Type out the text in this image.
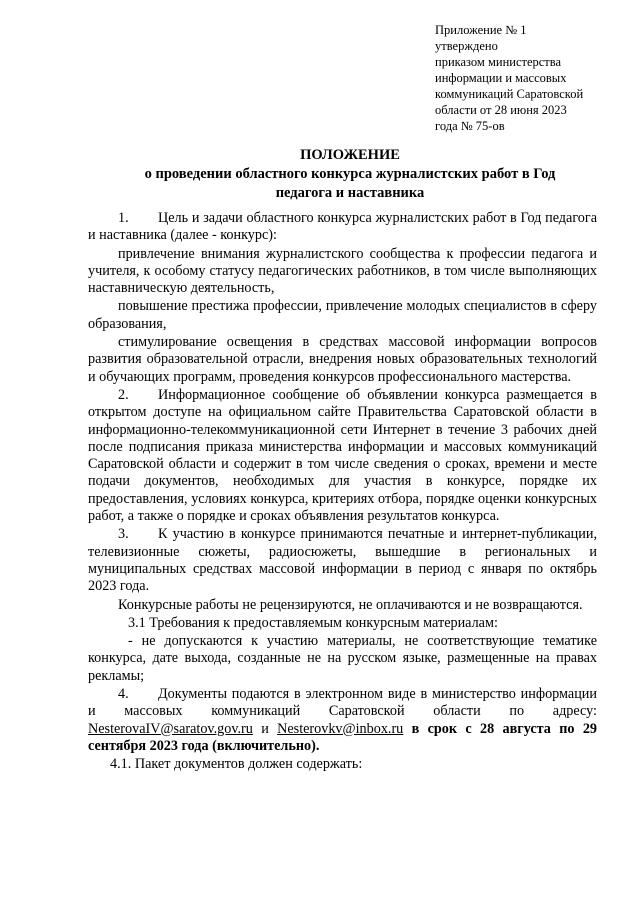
Приложение № 1
утверждено
приказом министерства
информации и массовых
коммуникаций Саратовской
области от 28 июня 2023
года № 75-ов
ПОЛОЖЕНИЕ
о проведении областного конкурса журналистских работ в Год
педагога и наставника

1. Цель и задачи областного конкурса журналистских работ в Год педагога и наставника (далее - конкурс):

привлечение внимания журналистского сообщества к профессии педагога и учителя, к особому статусу педагогических работников, в том числе выполняющих наставническую деятельность,

повышение престижа профессии, привлечение молодых специалистов в сферу образования,

стимулирование освещения в средствах массовой информации вопросов развития образовательной отрасли, внедрения новых образовательных технологий и обучающих программ, проведения конкурсов профессионального мастерства.

2. Информационное сообщение об объявлении конкурса размещается в открытом доступе на официальном сайте Правительства Саратовской области в информационно-телекоммуникационной сети Интернет в течение 3 рабочих дней после подписания приказа министерства информации и массовых коммуникаций Саратовской области и содержит в том числе сведения о сроках, времени и месте подачи документов, необходимых для участия в конкурсе, порядке их предоставления, условиях конкурса, критериях отбора, порядке оценки конкурсных работ, а также о порядке и сроках объявления результатов конкурса.

3. К участию в конкурсе принимаются печатные и интернет-публикации, телевизионные сюжеты, радиосюжеты, вышедшие в региональных и муниципальных средствах массовой информации в период с января по октябрь 2023 года.

Конкурсные работы не рецензируются, не оплачиваются и не возвращаются.

3.1 Требования к предоставляемым конкурсным материалам:

- не допускаются к участию материалы, не соответствующие тематике конкурса, дате выхода, созданные не на русском языке, размещенные на правах рекламы;

4. Документы подаются в электронном виде в министерство информации и массовых коммуникаций Саратовской области по адресу: NesterovaIV@saratov.gov.ru и Nesterovkv@inbox.ru в срок с 28 августа по 29 сентября 2023 года (включительно).

4.1. Пакет документов должен содержать:
